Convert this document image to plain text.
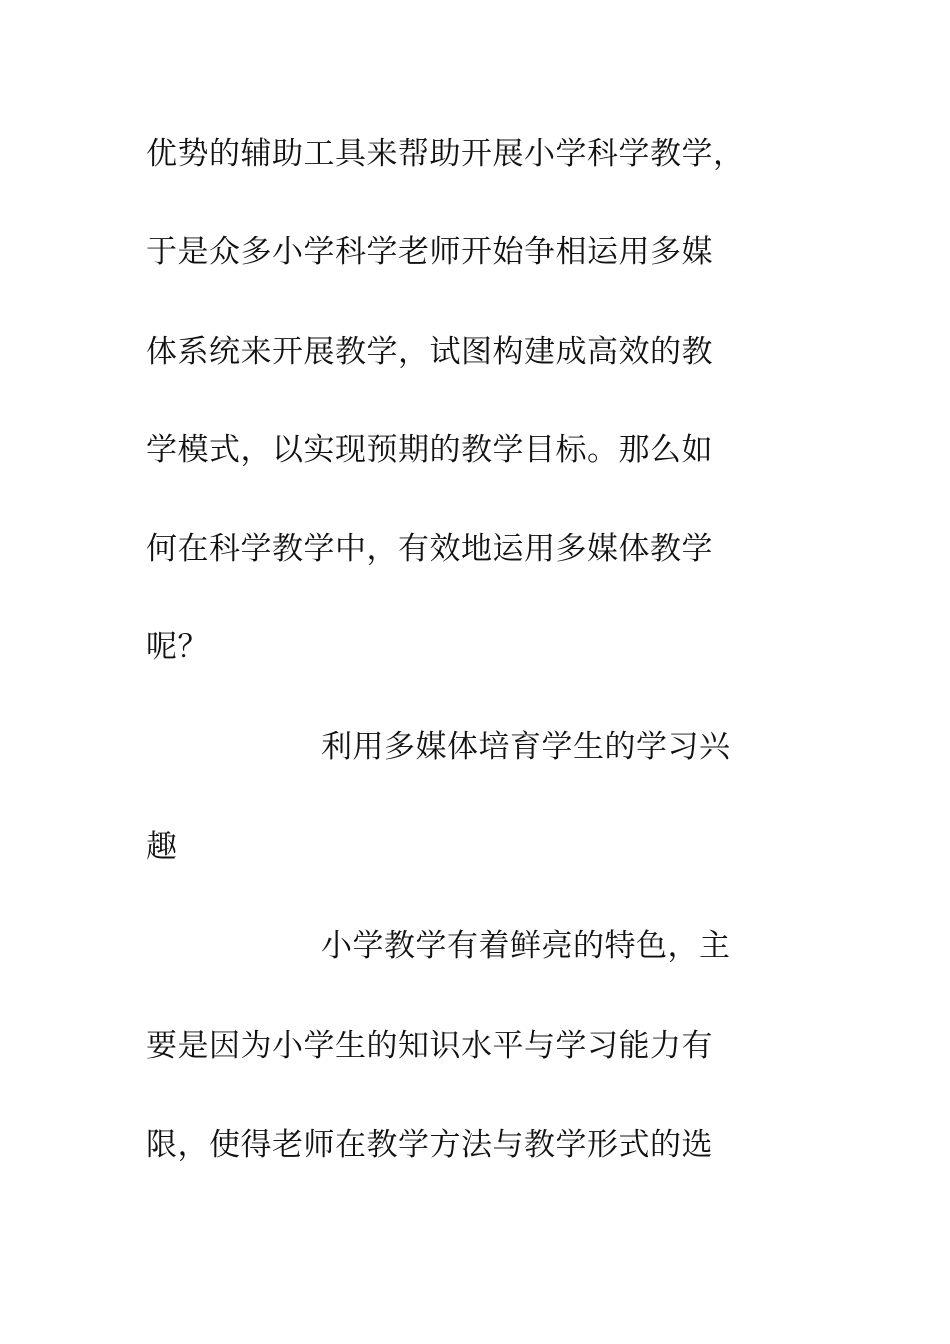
优势的辅助工具来帮助开展小学科学教学，
于是众多小学科学老师开始争相运用多媒
体系统来开展教学，试图构建成高效的教
学模式，以实现预期的教学目标。那么如
何在科学教学中，有效地运用多媒体教学
呢？
利用多媒体培育学生的学习兴
趣
小学教学有着鲜亮的特色，主
要是因为小学生的知识水平与学习能力有
限，使得老师在教学方法与教学形式的选
